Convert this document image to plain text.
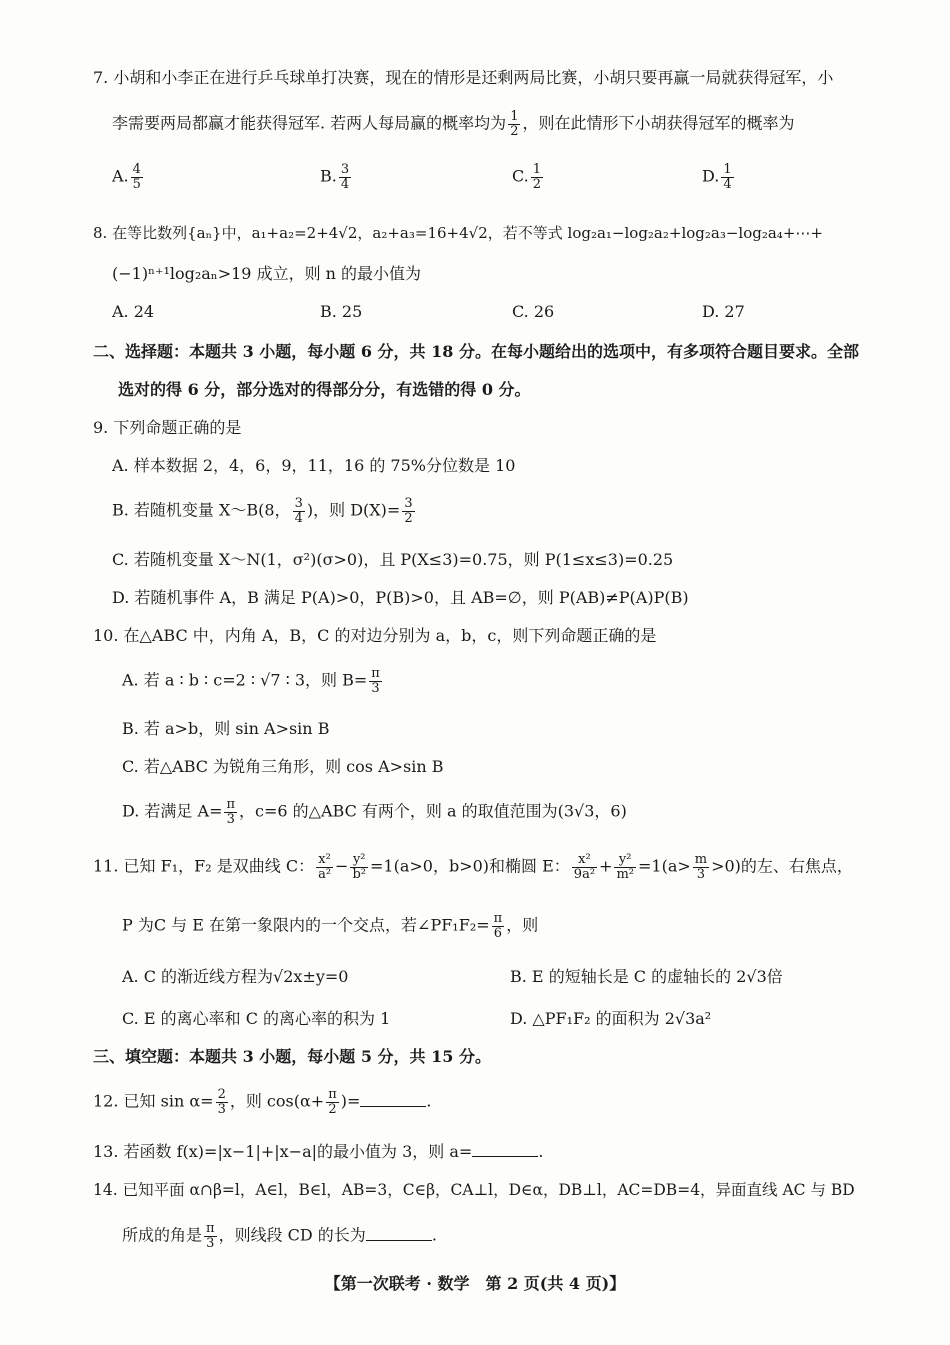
7. 小胡和小李正在进行乒乓球单打决赛，现在的情形是还剩两局比赛，小胡只要再赢一局就获得冠军，小
李需要两局都赢才能获得冠军. 若两人每局赢的概率均为 $\frac{1}{2}$ ，则在此情形下小胡获得冠军的概率为
A. $\frac{4}{5}$	B. $\frac{3}{4}$	C. $\frac{1}{2}$	D. $\frac{1}{4}$
8. 在等比数列{aₙ}中，a₁+a₂=2+4√2，a₂+a₃=16+4√2，若不等式 log₂a₁−log₂a₂+log₂a₃−log₂a₄+⋯+
(−1)ⁿ⁺¹log₂aₙ>19 成立，则 n 的最小值为
A. 24	B. 25	C. 26	D. 27
二、选择题：本题共 3 小题，每小题 6 分，共 18 分。在每小题给出的选项中，有多项符合题目要求。全部
选对的得 6 分，部分选对的得部分分，有选错的得 0 分。
9. 下列命题正确的是
A. 样本数据 2，4，6，9，11，16 的 75%分位数是 10
B. 若随机变量 X～B(8， $\frac{3}{4}$ )，则 $D(X)= \frac{3}{2}$
C. 若随机变量 X～N(1，σ²)(σ>0)，且 P(X≤3)=0.75，则 P(1≤x≤3)=0.25
D. 若随机事件 A，B 满足 P(A)>0，P(B)>0，且 AB=∅，则 P(AB)≠P(A)P(B)
10. 在△ABC 中，内角 A，B，C 的对边分别为 a，b，c，则下列命题正确的是
A. 若 a ∶ b ∶ c=2 ∶ √7 ∶ 3，则 $B= \frac{\pi}{3}$
B. 若 a>b，则 sin A>sin B
C. 若△ABC 为锐角三角形，则 cos A>sin B
D. 若满足 $A= \frac{\pi}{3}$ ，c=6 的△ABC 有两个，则 a 的取值范围为(3√3，6)
11. 已知 F₁，F₂ 是双曲线 C： $\frac{\text{x²}}{\text{a²}} - \frac{\text{y²}}{\text{b²}} =1(a>0$，b>0)和椭圆 E： $\frac{\text{x²}}{\text{9a²}} + \frac{\text{y²}}{\text{m²}} =1(a> \frac{m}{3} >0)$的左、右焦点，
P 为C 与 E 在第一象限内的一个交点，若∠PF₁F₂= $\frac{\pi}{6}$ ，则
A. C 的渐近线方程为√2x±y=0	B. E 的短轴长是 C 的虚轴长的 2√3倍
C. E 的离心率和 C 的离心率的积为 1	D. △PF₁F₂ 的面积为 2√3a²
三、填空题：本题共 3 小题，每小题 5 分，共 15 分。
12. 已知 $\sin \alpha= \frac{2}{3}$ ，则 $\cos(\alpha+ \frac{\pi}{2}$ )=	.
13. 若函数 f(x)=|x−1|+|x−a|的最小值为 3，则 a=	.
14. 已知平面 α∩β=l，A∈l，B∈l，AB=3，C∈β，CA⊥l，D∈α，DB⊥l，AC=DB=4，异面直线 AC 与 BD
所成的角是 $\frac{\pi}{3}$ ，则线段 CD 的长为	.
【第一次联考 · 数学　第 2 页(共 4 页)】
